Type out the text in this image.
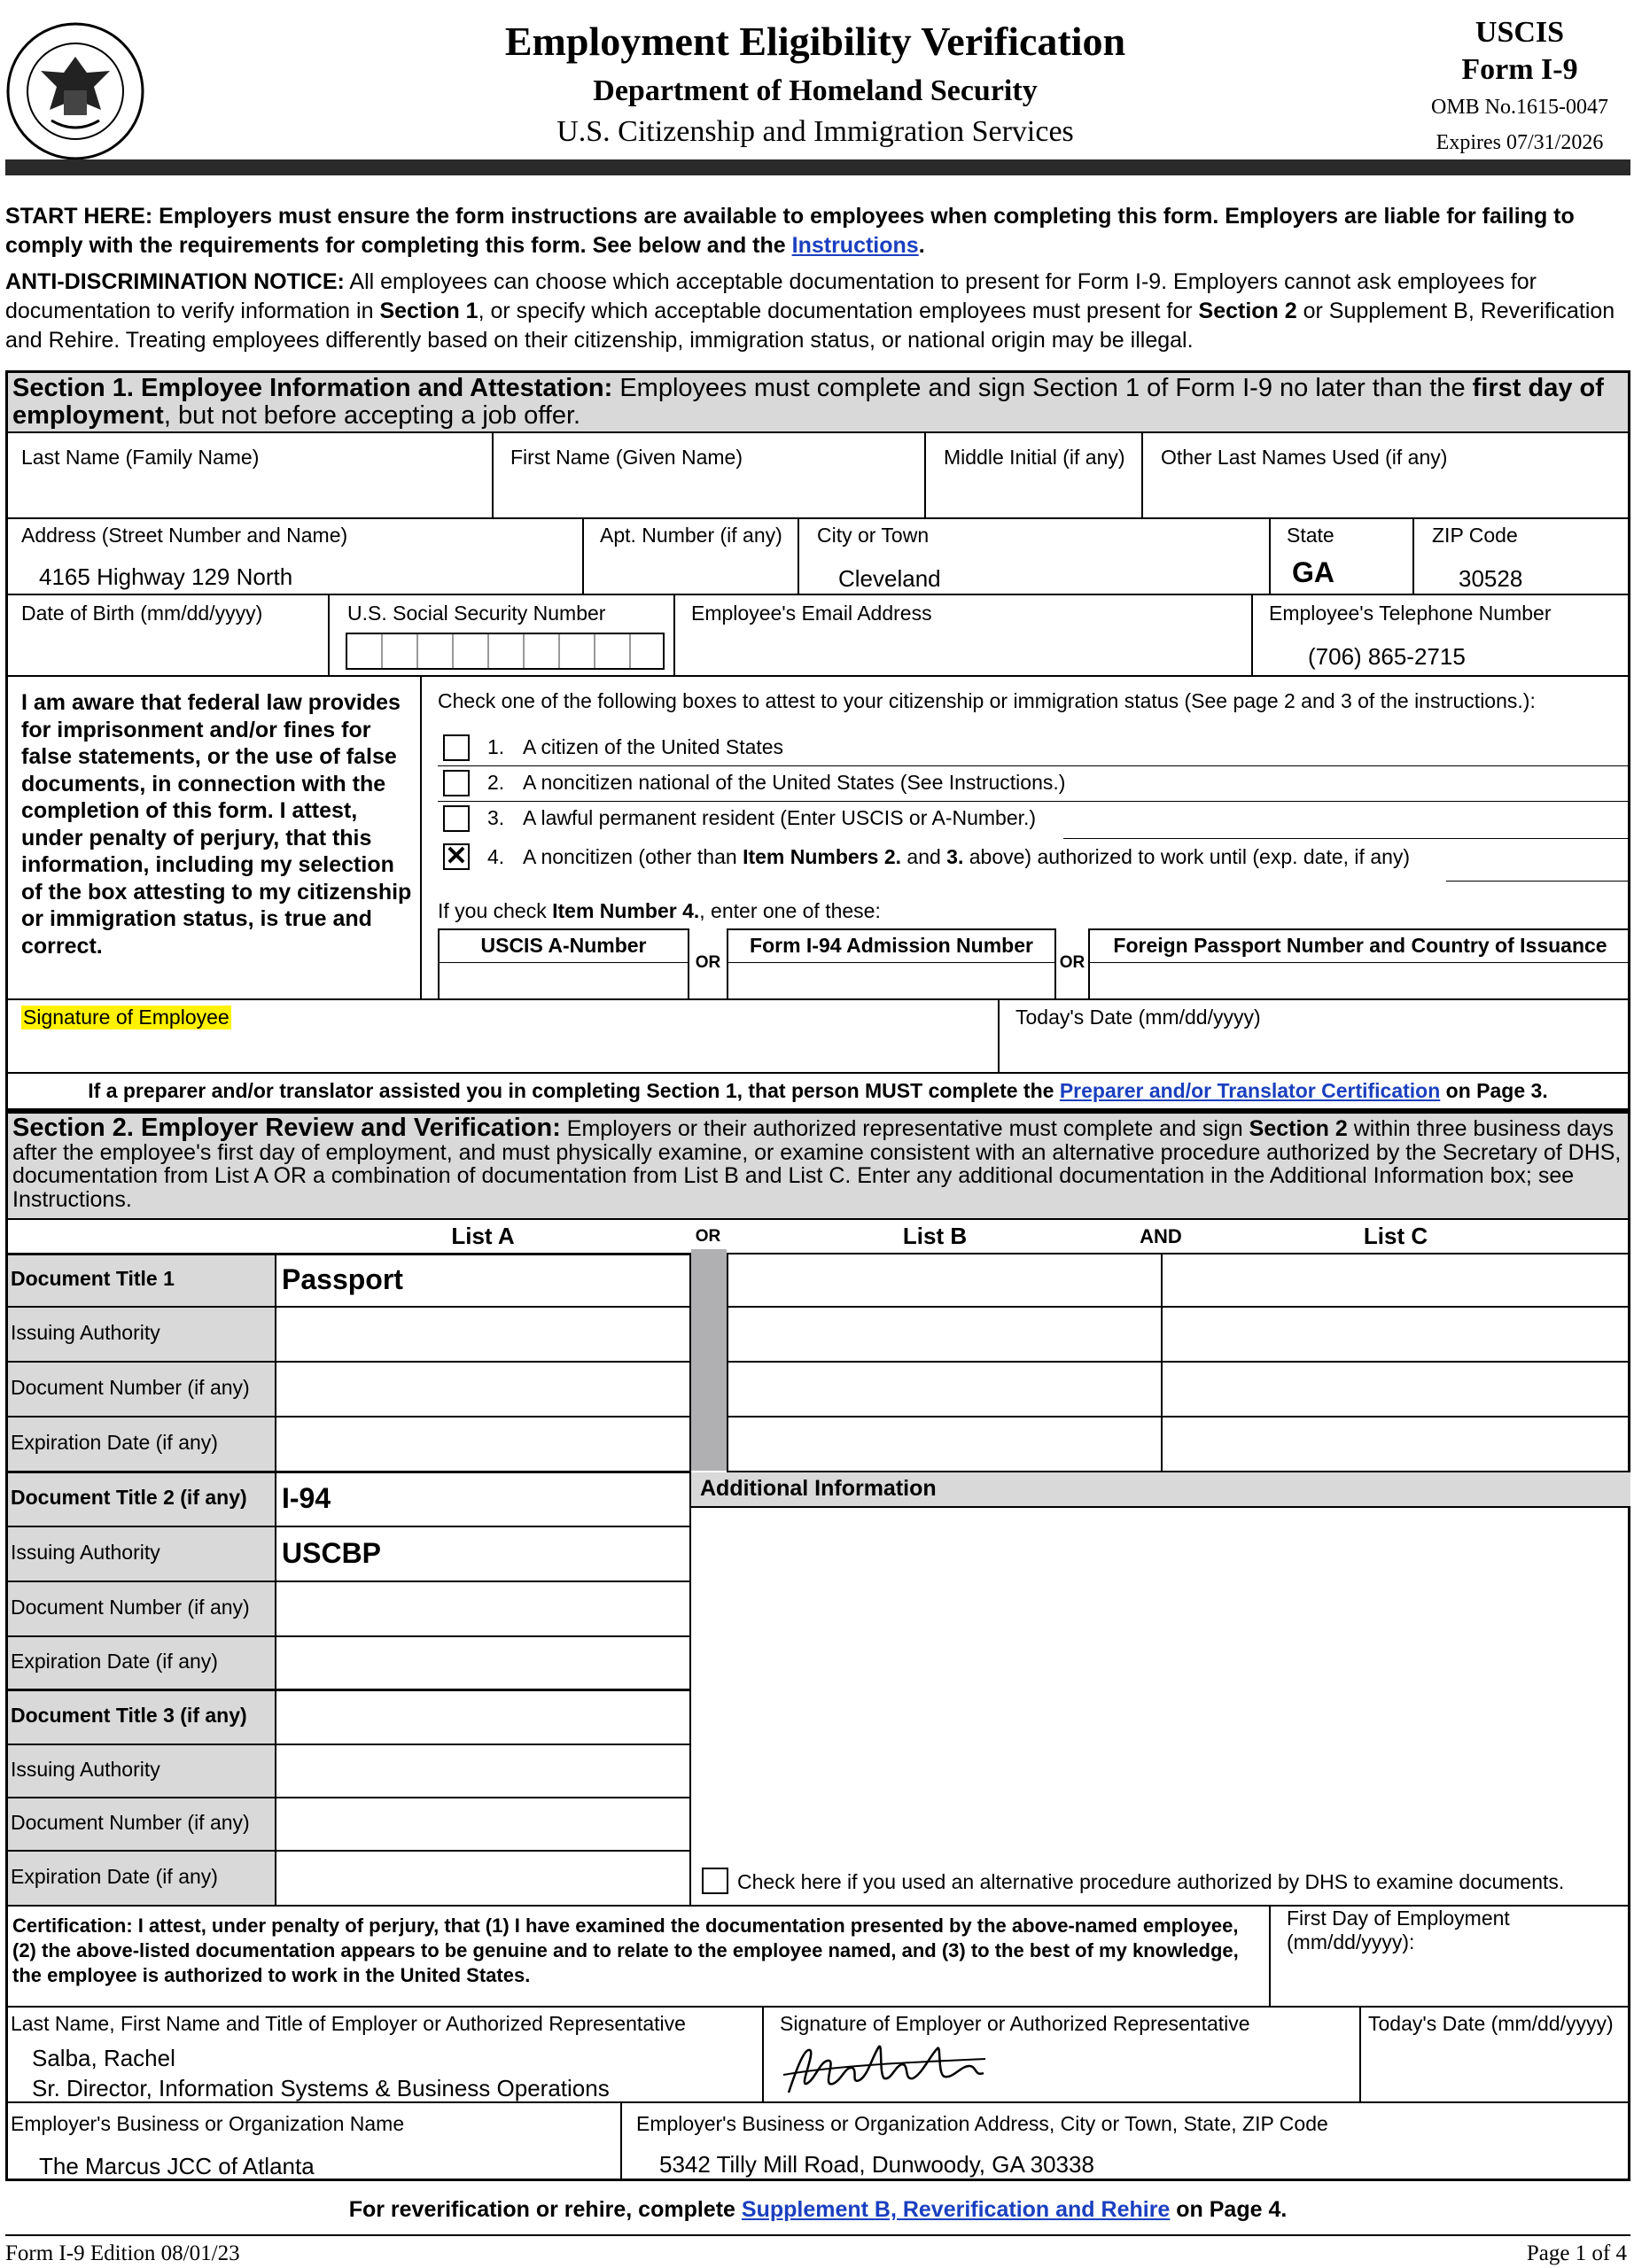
Employment Eligibility Verification
Department of Homeland Security
U.S. Citizenship and Immigration Services
USCIS
Form I-9
OMB No.1615-0047
Expires 07/31/2026
START HERE: Employers must ensure the form instructions are available to employees when completing this form. Employers are liable for failing to comply with the requirements for completing this form. See below and the Instructions.
ANTI-DISCRIMINATION NOTICE: All employees can choose which acceptable documentation to present for Form I-9. Employers cannot ask employees for documentation to verify information in Section 1, or specify which acceptable documentation employees must present for Section 2 or Supplement B, Reverification and Rehire. Treating employees differently based on their citizenship, immigration status, or national origin may be illegal.
Section 1. Employee Information and Attestation: Employees must complete and sign Section 1 of Form I-9 no later than the first day of employment, but not before accepting a job offer.
Last Name (Family Name)	First Name (Given Name)	Middle Initial (if any) Other Last Names Used (if any)
Address (Street Number and Name)
4165 Highway 129 North
Apt. Number (if any) City or Town
Cleveland
State
GA
ZIP Code
30528
Date of Birth (mm/dd/yyyy)	U.S. Social Security Number	Employee's Email Address	Employee's Telephone Number
(706) 865-2715
I am aware that federal law provides for imprisonment and/or fines for false statements, or the use of false documents, in connection with the completion of this form. I attest, under penalty of perjury, that this information, including my selection of the box attesting to my citizenship or immigration status, is true and correct.
Check one of the following boxes to attest to your citizenship or immigration status (See page 2 and 3 of the instructions.):
1. A citizen of the United States
2. A noncitizen national of the United States (See Instructions.)
3. A lawful permanent resident (Enter USCIS or A-Number.)
✕ 4. A noncitizen (other than Item Numbers 2. and 3. above) authorized to work until (exp. date, if any)
If you check Item Number 4., enter one of these:
USCIS A-Number
OR
Form I-94 Admission Number
OR
Foreign Passport Number and Country of Issuance
Signature of Employee	Today's Date (mm/dd/yyyy)
If a preparer and/or translator assisted you in completing Section 1, that person MUST complete the Preparer and/or Translator Certification on Page 3.
Section 2. Employer Review and Verification: Employers or their authorized representative must complete and sign Section 2 within three business days after the employee's first day of employment, and must physically examine, or examine consistent with an alternative procedure authorized by the Secretary of DHS, documentation from List A OR a combination of documentation from List B and List C. Enter any additional documentation in the Additional Information box; see Instructions.
List A	OR	List B	AND	List C
Document Title 1	Passport
Issuing Authority
Document Number (if any)
Expiration Date (if any)
Document Title 2 (if any) I-94
Issuing Authority	USCBP
Document Number (if any)
Expiration Date (if any)
Document Title 3 (if any)
Issuing Authority
Document Number (if any)
Expiration Date (if any)
Additional Information
Check here if you used an alternative procedure authorized by DHS to examine documents.
Certification: I attest, under penalty of perjury, that (1) I have examined the documentation presented by the above-named employee, (2) the above-listed documentation appears to be genuine and to relate to the employee named, and (3) to the best of my knowledge, the employee is authorized to work in the United States.
First Day of Employment (mm/dd/yyyy):
Last Name, First Name and Title of Employer or Authorized Representative
Salba, Rachel
Sr. Director, Information Systems & Business Operations
Signature of Employer or Authorized Representative	Today's Date (mm/dd/yyyy)
Employer's Business or Organization Name
The Marcus JCC of Atlanta
Employer's Business or Organization Address, City or Town, State, ZIP Code
5342 Tilly Mill Road, Dunwoody, GA 30338
For reverification or rehire, complete Supplement B, Reverification and Rehire on Page 4.
Form I-9 Edition 08/01/23	Page 1 of 4
